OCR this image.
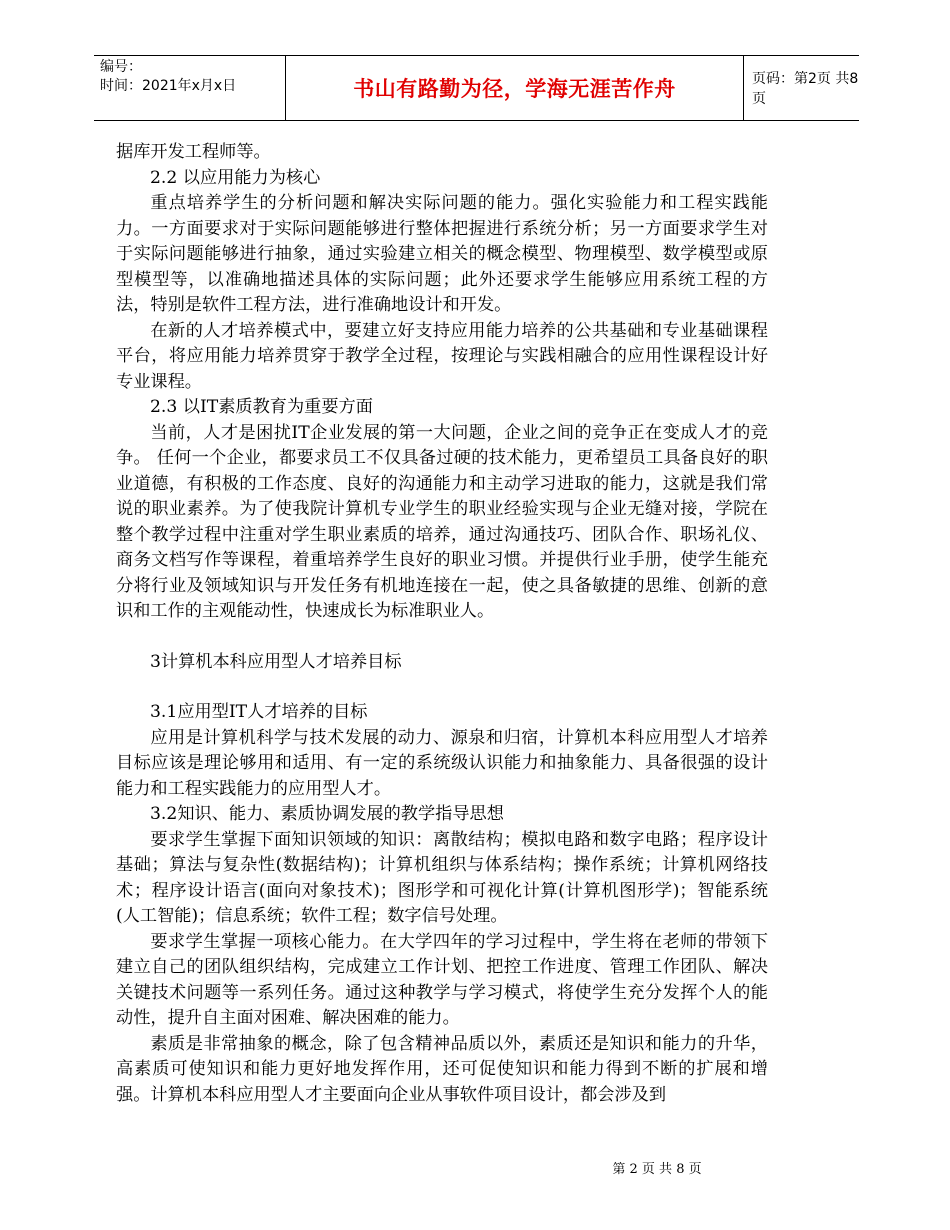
编号：
时间：2021年x月x日	书山有路勤为径，学海无涯苦作舟	页码：第2页 共8页

据库开发工程师等。

2.2 以应用能力为核心

重点培养学生的分析问题和解决实际问题的能力。强化实验能力和工程实践能力。一方面要求对于实际问题能够进行整体把握进行系统分析；另一方面要求学生对于实际问题能够进行抽象，通过实验建立相关的概念模型、物理模型、数学模型或原型模型等，以准确地描述具体的实际问题；此外还要求学生能够应用系统工程的方法，特别是软件工程方法，进行准确地设计和开发。

在新的人才培养模式中，要建立好支持应用能力培养的公共基础和专业基础课程平台，将应用能力培养贯穿于教学全过程，按理论与实践相融合的应用性课程设计好专业课程。

2.3 以IT素质教育为重要方面

当前，人才是困扰IT企业发展的第一大问题，企业之间的竞争正在变成人才的竞争。 任何一个企业，都要求员工不仅具备过硬的技术能力，更希望员工具备良好的职业道德，有积极的工作态度、良好的沟通能力和主动学习进取的能力，这就是我们常说的职业素养。为了使我院计算机专业学生的职业经验实现与企业无缝对接，学院在整个教学过程中注重对学生职业素质的培养，通过沟通技巧、团队合作、职场礼仪、商务文档写作等课程，着重培养学生良好的职业习惯。并提供行业手册，使学生能充分将行业及领域知识与开发任务有机地连接在一起，使之具备敏捷的思维、创新的意识和工作的主观能动性，快速成长为标准职业人。

3计算机本科应用型人才培养目标

3.1应用型IT人才培养的目标

应用是计算机科学与技术发展的动力、源泉和归宿，计算机本科应用型人才培养目标应该是理论够用和适用、有一定的系统级认识能力和抽象能力、具备很强的设计能力和工程实践能力的应用型人才。

3.2知识、能力、素质协调发展的教学指导思想

要求学生掌握下面知识领域的知识：离散结构；模拟电路和数字电路；程序设计基础；算法与复杂性(数据结构)；计算机组织与体系结构；操作系统；计算机网络技术；程序设计语言(面向对象技术)；图形学和可视化计算(计算机图形学)；智能系统(人工智能)；信息系统；软件工程；数字信号处理。

要求学生掌握一项核心能力。在大学四年的学习过程中，学生将在老师的带领下建立自己的团队组织结构，完成建立工作计划、把控工作进度、管理工作团队、解决关键技术问题等一系列任务。通过这种教学与学习模式，将使学生充分发挥个人的能动性，提升自主面对困难、解决困难的能力。

素质是非常抽象的概念，除了包含精神品质以外，素质还是知识和能力的升华，高素质可使知识和能力更好地发挥作用，还可促使知识和能力得到不断的扩展和增强。计算机本科应用型人才主要面向企业从事软件项目设计，都会涉及到

第 2 页 共 8 页
